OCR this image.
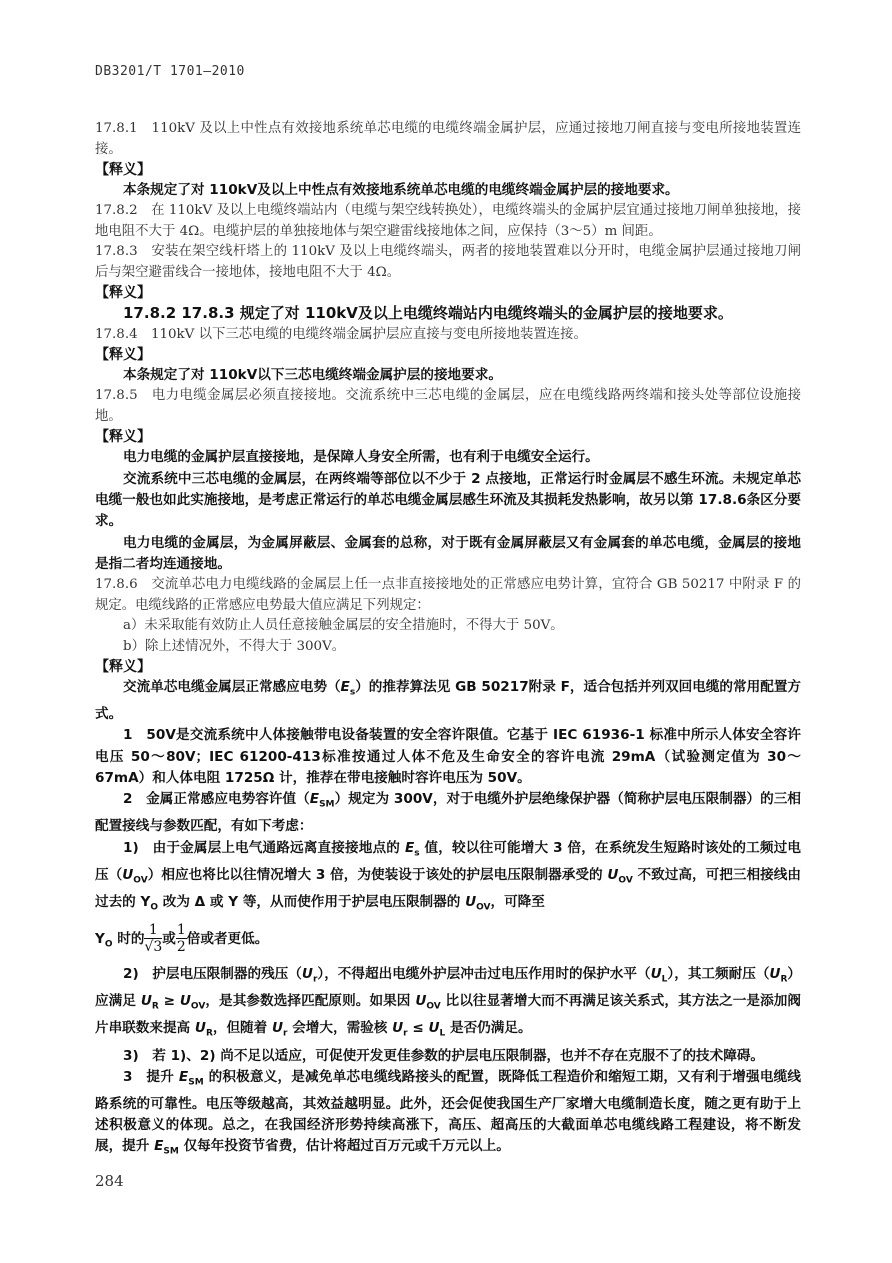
DB3201/T 1701—2010

17.8.1　110kV 及以上中性点有效接地系统单芯电缆的电缆终端金属护层，应通过接地刀闸直接与变电所接地装置连接。

【释义】

本条规定了对 110kV及以上中性点有效接地系统单芯电缆的电缆终端金属护层的接地要求。

17.8.2　在 110kV 及以上电缆终端站内（电缆与架空线转换处），电缆终端头的金属护层宜通过接地刀闸单独接地，接地电阻不大于 4Ω。电缆护层的单独接地体与架空避雷线接地体之间，应保持（3～5）m 间距。

17.8.3　安装在架空线杆塔上的 110kV 及以上电缆终端头，两者的接地装置难以分开时，电缆金属护层通过接地刀闸后与架空避雷线合一接地体，接地电阻不大于 4Ω。

【释义】

17.8.2 17.8.3 规定了对 110kV及以上电缆终端站内电缆终端头的金属护层的接地要求。

17.8.4　110kV 以下三芯电缆的电缆终端金属护层应直接与变电所接地装置连接。

【释义】

本条规定了对 110kV以下三芯电缆终端金属护层的接地要求。

17.8.5　电力电缆金属层必须直接接地。交流系统中三芯电缆的金属层，应在电缆线路两终端和接头处等部位设施接地。

【释义】

电力电缆的金属护层直接接地，是保障人身安全所需，也有利于电缆安全运行。

交流系统中三芯电缆的金属层，在两终端等部位以不少于 2 点接地，正常运行时金属层不感生环流。未规定单芯电缆一般也如此实施接地，是考虑正常运行的单芯电缆金属层感生环流及其损耗发热影响，故另以第 17.8.6条区分要求。

电力电缆的金属层，为金属屏蔽层、金属套的总称，对于既有金属屏蔽层又有金属套的单芯电缆，金属层的接地是指二者均连通接地。

17.8.6　交流单芯电力电缆线路的金属层上任一点非直接接地处的正常感应电势计算，宜符合 GB 50217 中附录 F 的规定。电缆线路的正常感应电势最大值应满足下列规定：

a）未采取能有效防止人员任意接触金属层的安全措施时，不得大于 50V。

b）除上述情况外，不得大于 300V。

【释义】

交流单芯电缆金属层正常感应电势$(E_s)$的推荐算法见 GB 50217附录 F，适合包括并列双回电缆的常用配置方式。

1　50V是交流系统中人体接触带电设备装置的安全容许限值。它基于 IEC 61936-1 标准中所示人体安全容许电压 50～80V；IEC 61200-413标准按通过人体不危及生命安全的容许电流 29mA（试验测定值为 30～67mA）和人体电阻 1725Ω 计，推荐在带电接触时容许电压为 50V。

2　金属正常感应电势容许值$(E_{SM})$规定为 300V，对于电缆外护层绝缘保护器（简称护层电压限制器）的三相配置接线与参数匹配，有如下考虑：

1)　由于金属层上电气通路远离直接接地点的 $E_s$ 值，较以往可能增大 3 倍，在系统发生短路时该处的工频过电压$(U_{OV})$相应也将比以往情况增大 3 倍，为使装设于该处的护层电压限制器承受的 $U_{OV}$ 不致过高，可把三相接线由过去的 $Y_O$ 改为 Δ 或 Y 等，从而使作用于护层电压限制器的 $U_{OV}$，可降至

$Y_O$ 时的 $\frac{1}{√3}$ 或 $\frac{1}{2}$ 倍或者更低。

2)　护层电压限制器的残压$(U_r)$，不得超出电缆外护层冲击过电压作用时的保护水平$(U_L)$，其工频耐压$(U_R)$应满足 $U_R \ge U_{OV}$，是其参数选择匹配原则。如果因 $U_{OV}$ 比以往显著增大而不再满足该关系式，其方法之一是添加阀片串联数来提高 $U_R$，但随着 $U_r$ 会增大，需验核 $U_r \le U_L$ 是否仍满足。

3)　若 1)、2) 尚不足以适应，可促使开发更佳参数的护层电压限制器，也并不存在克服不了的技术障碍。

3　提升 $E_{SM}$ 的积极意义，是减免单芯电缆线路接头的配置，既降低工程造价和缩短工期，又有利于增强电缆线路系统的可靠性。电压等级越高，其效益越明显。此外，还会促使我国生产厂家增大电缆制造长度，随之更有助于上述积极意义的体现。总之，在我国经济形势持续高涨下，高压、超高压的大截面单芯电缆线路工程建设，将不断发展，提升 $E_{SM}$ 仅每年投资节省费，估计将超过百万元或千万元以上。

284
